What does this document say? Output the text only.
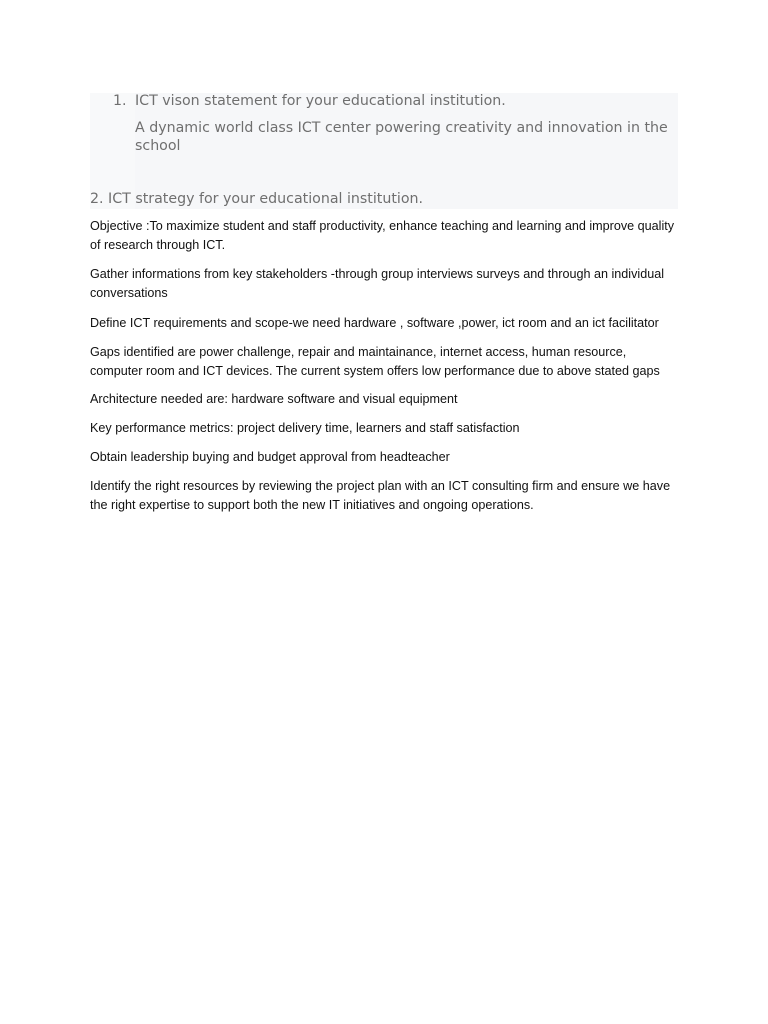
1. ICT vison statement for your educational institution.
A dynamic world class ICT center powering creativity and innovation in the school
2. ICT strategy for your educational institution.

Objective :To maximize student and staff productivity, enhance teaching and learning and improve quality of research through ICT.

Gather informations from key stakeholders -through group interviews surveys and through an individual conversations

Define ICT requirements and scope-we need hardware , software ,power, ict room and an ict facilitator

Gaps identified are power challenge, repair and maintainance, internet access, human resource, computer room and ICT devices. The current system offers low performance due to above stated gaps

Architecture needed are: hardware software and visual equipment

Key performance metrics: project delivery time, learners and staff satisfaction

Obtain leadership buying and budget approval from headteacher

Identify the right resources by reviewing the project plan with an ICT consulting firm and ensure we have the right expertise to support both the new IT initiatives and ongoing operations.
